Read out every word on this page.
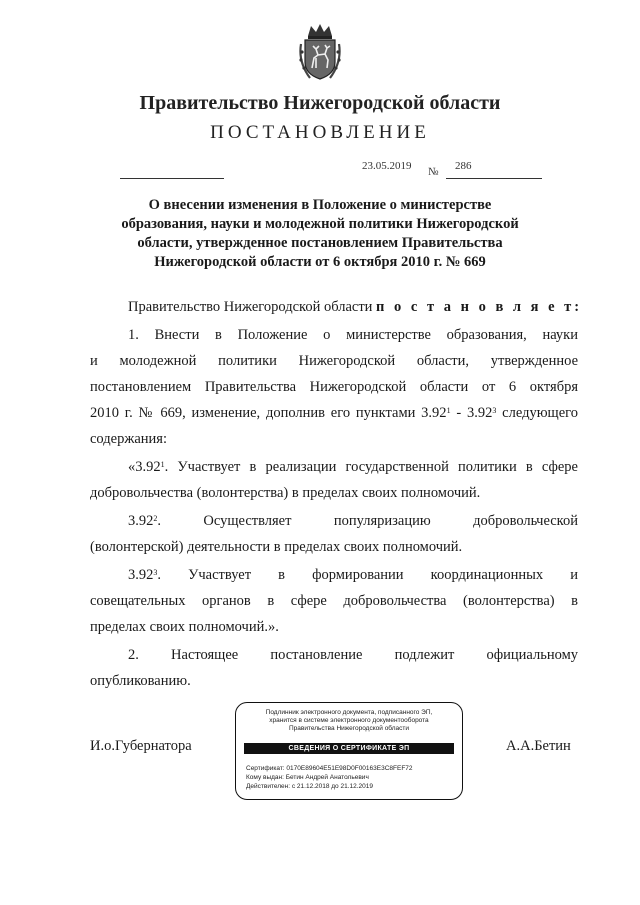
Правительство Нижегородской области
ПОСТАНОВЛЕНИЕ
23.05.2019 № 286
О внесении изменения в Положение о министерстве
образования, науки и молодежной политики Нижегородской
области, утвержденное постановлением Правительства
Нижегородской области от 6 октября 2010 г. № 669
Правительство Нижегородской области п о с т а н о в л я е т:
1. Внести в Положение о министерстве образования, науки
и молодежной политики Нижегородской области, утвержденное
постановлением Правительства Нижегородской области от 6 октября
2010 г. № 669, изменение, дополнив его пунктами 3.92$^1$ - 3.92$^3$ следующего
содержания:
«3.92$^1$. Участвует в реализации государственной политики в сфере
добровольчества (волонтерства) в пределах своих полномочий.
3.92$^2$. Осуществляет популяризацию добровольческой
(волонтерской) деятельности в пределах своих полномочий.
3.92$^3$. Участвует в формировании координационных и
совещательных органов в сфере добровольчества (волонтерства) в
пределах своих полномочий.».
2. Настоящее постановление подлежит официальному
опубликованию.
И.о.Губернатора	А.А.Бетин
Подлинник электронного документа, подписанного ЭП,
хранится в системе электронного документооборота
Правительства Нижегородской области
СВЕДЕНИЯ О СЕРТИФИКАТЕ ЭП
Сертификат: 0170E89604E51E98D0F00163E3C8FEF72
Кому выдан: Бетин Андрей Анатольевич
Действителен: с 21.12.2018 до 21.12.2019
